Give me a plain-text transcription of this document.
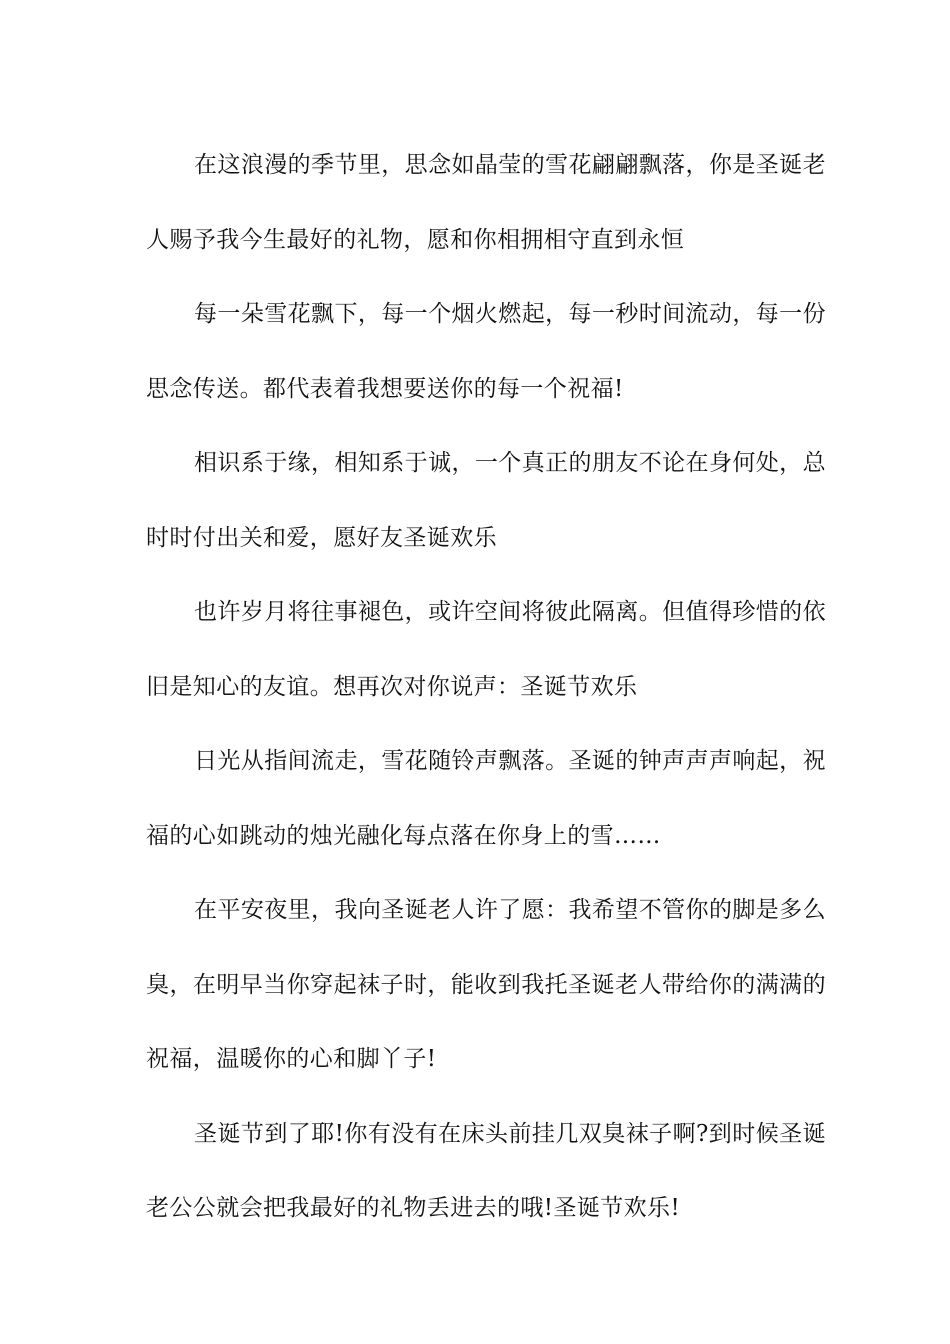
在这浪漫的季节里，思念如晶莹的雪花翩翩飘落，你是圣诞老人赐予我今生最好的礼物，愿和你相拥相守直到永恒

每一朵雪花飘下，每一个烟火燃起，每一秒时间流动，每一份思念传送。都代表着我想要送你的每一个祝福!

相识系于缘，相知系于诚，一个真正的朋友不论在身何处，总时时付出关和爱，愿好友圣诞欢乐

也许岁月将往事褪色，或许空间将彼此隔离。但值得珍惜的依旧是知心的友谊。想再次对你说声：圣诞节欢乐

日光从指间流走，雪花随铃声飘落。圣诞的钟声声声响起，祝福的心如跳动的烛光融化每点落在你身上的雪……

在平安夜里，我向圣诞老人许了愿：我希望不管你的脚是多么臭，在明早当你穿起袜子时，能收到我托圣诞老人带给你的满满的祝福，温暖你的心和脚丫子!

圣诞节到了耶!你有没有在床头前挂几双臭袜子啊?到时候圣诞老公公就会把我最好的礼物丢进去的哦!圣诞节欢乐!
